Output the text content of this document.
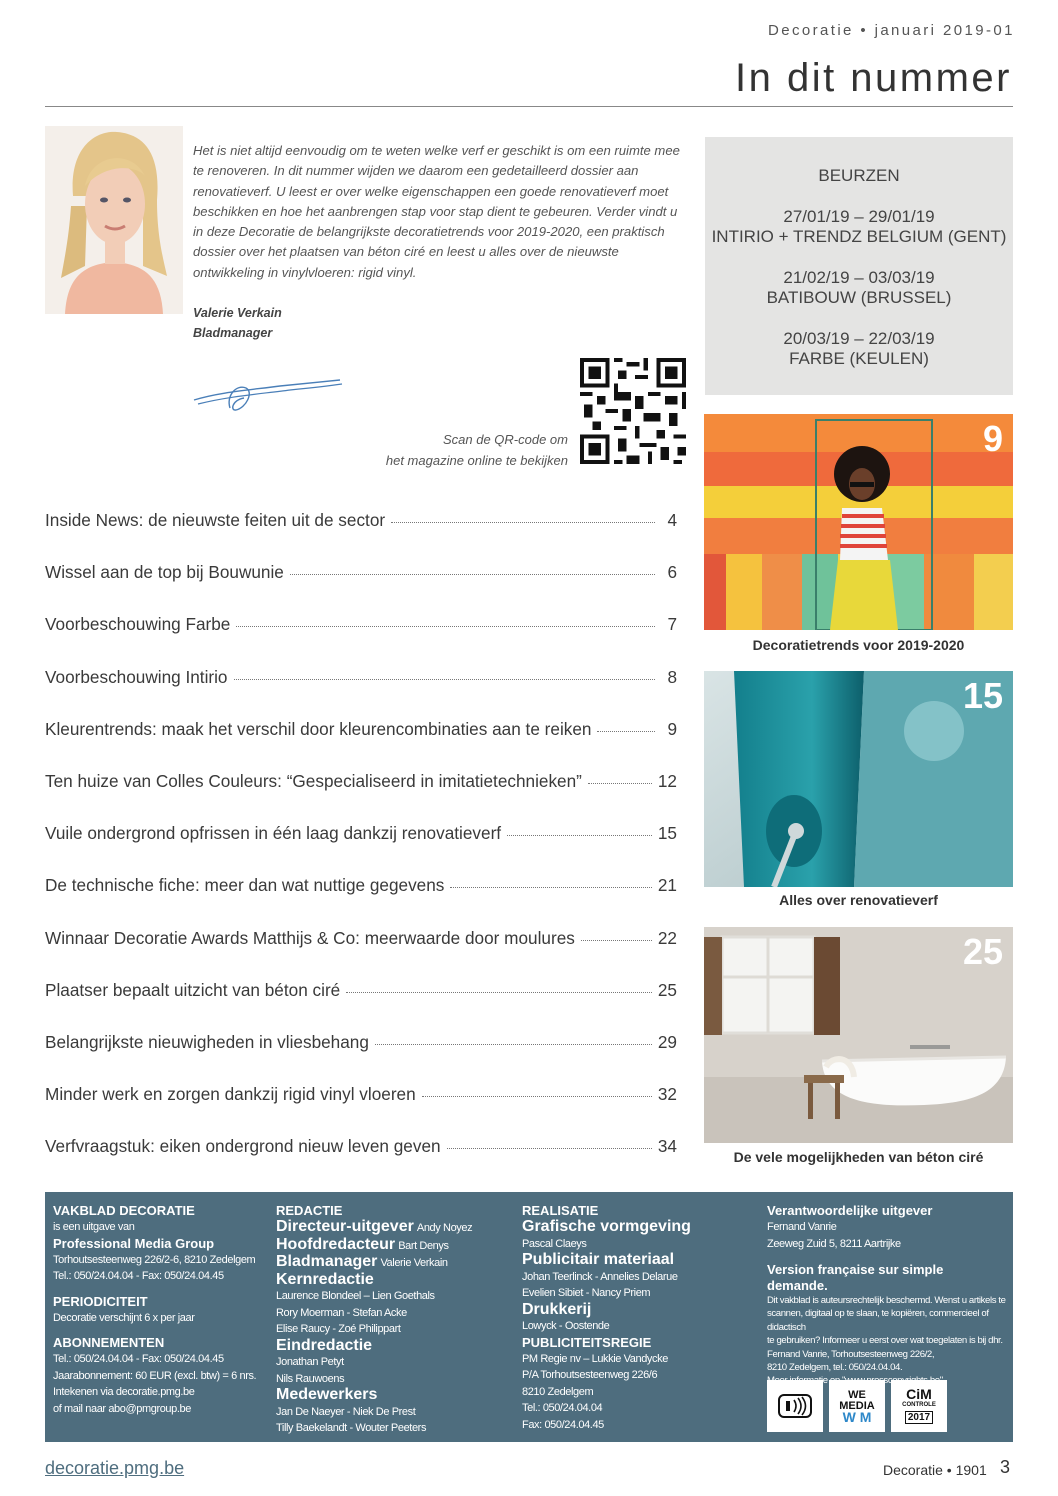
Decoratie • januari 2019-01
In dit nummer
Het is niet altijd eenvoudig om te weten welke verf er geschikt is om een ruimte mee te renoveren. In dit nummer wijden we daarom een gedetailleerd dossier aan renovatieverf. U leest er over welke eigenschappen een goede renovatieverf moet beschikken en hoe het aanbrengen stap voor stap dient te gebeuren. Verder vindt u in deze Decoratie de belangrijkste decoratietrends voor 2019-2020, een praktisch dossier over het plaatsen van béton ciré en leest u alles over de nieuwste ontwikkeling in vinylvloeren: rigid vinyl.
Valerie Verkain
Bladmanager
Scan de QR-code om
het magazine online te bekijken
BEURZEN
27/01/19 – 29/01/19
INTIRIO + TRENDZ BELGIUM (GENT)
21/02/19 – 03/03/19
BATIBOUW (BRUSSEL)
20/03/19 – 22/03/19
FARBE (KEULEN)
Inside News: de nieuwste feiten uit de sector	4
Wissel aan de top bij Bouwunie	6
Voorbeschouwing Farbe	7
Voorbeschouwing Intirio	8
Kleurentrends: maak het verschil door kleurencombinaties aan te reiken	9
Ten huize van Colles Couleurs: “Gespecialiseerd in imitatietechnieken”	12
Vuile ondergrond opfrissen in één laag dankzij renovatieverf	15
De technische fiche: meer dan wat nuttige gegevens	21
Winnaar Decoratie Awards Matthijs & Co: meerwaarde door moulures	22
Plaatser bepaalt uitzicht van béton ciré	25
Belangrijkste nieuwigheden in vliesbehang	29
Minder werk en zorgen dankzij rigid vinyl vloeren	32
Verfvraagstuk: eiken ondergrond nieuw leven geven	34
9
Decoratietrends voor 2019-2020
15
Alles over renovatieverf
25
De vele mogelijkheden van béton ciré
VAKBLAD DECORATIE
is een uitgave van
Professional Media Group
Torhoutsesteenweg 226/2-6, 8210 Zedelgem
Tel.: 050/24.04.04 - Fax: 050/24.04.45
PERIODICITEIT
Decoratie verschijnt 6 x per jaar
ABONNEMENTEN
Tel.: 050/24.04.04 - Fax: 050/24.04.45
Jaarabonnement: 60 EUR (excl. btw) = 6 nrs.
Intekenen via decoratie.pmg.be
of mail naar abo@pmgroup.be
REDACTIE
Directeur-uitgever Andy Noyez
Hoofdredacteur Bart Denys
Bladmanager Valerie Verkain
Kernredactie
Laurence Blondeel – Lien Goethals
Rory Moerman - Stefan Acke
Elise Raucy - Zoé Philippart
Eindredactie
Jonathan Petyt
Nils Rauwoens
Medewerkers
Jan De Naeyer - Niek De Prest
Tilly Baekelandt - Wouter Peeters
REALISATIE
Grafische vormgeving
Pascal Claeys
Publicitair materiaal
Johan Teerlinck - Annelies Delarue
Evelien Sibiet - Nancy Priem
Drukkerij
Lowyck - Oostende
PUBLICITEITSREGIE
PM Regie nv – Lukkie Vandycke
P/A Torhoutsesteenweg 226/6
8210 Zedelgem
Tel.: 050/24.04.04
Fax: 050/24.04.45
Verantwoordelijke uitgever
Fernand Vanrie
Zeeweg Zuid 5, 8211 Aartrijke
Version française sur simple demande.
Dit vakblad is auteursrechtelijk beschermd. Wenst u artikels te
scannen, digitaal op te slaan, te kopiëren, commercieel of didactisch
te gebruiken? Informeer u eerst over wat toegelaten is bij dhr.
Fernand Vanrie, Torhoutsesteenweg 226/2,
8210 Zedelgem, tel.: 050/24.04.04.
WE
MEDIA
W M
CiM
CONTROLE
2017
decoratie.pmg.be	Decoratie • 1901 3
